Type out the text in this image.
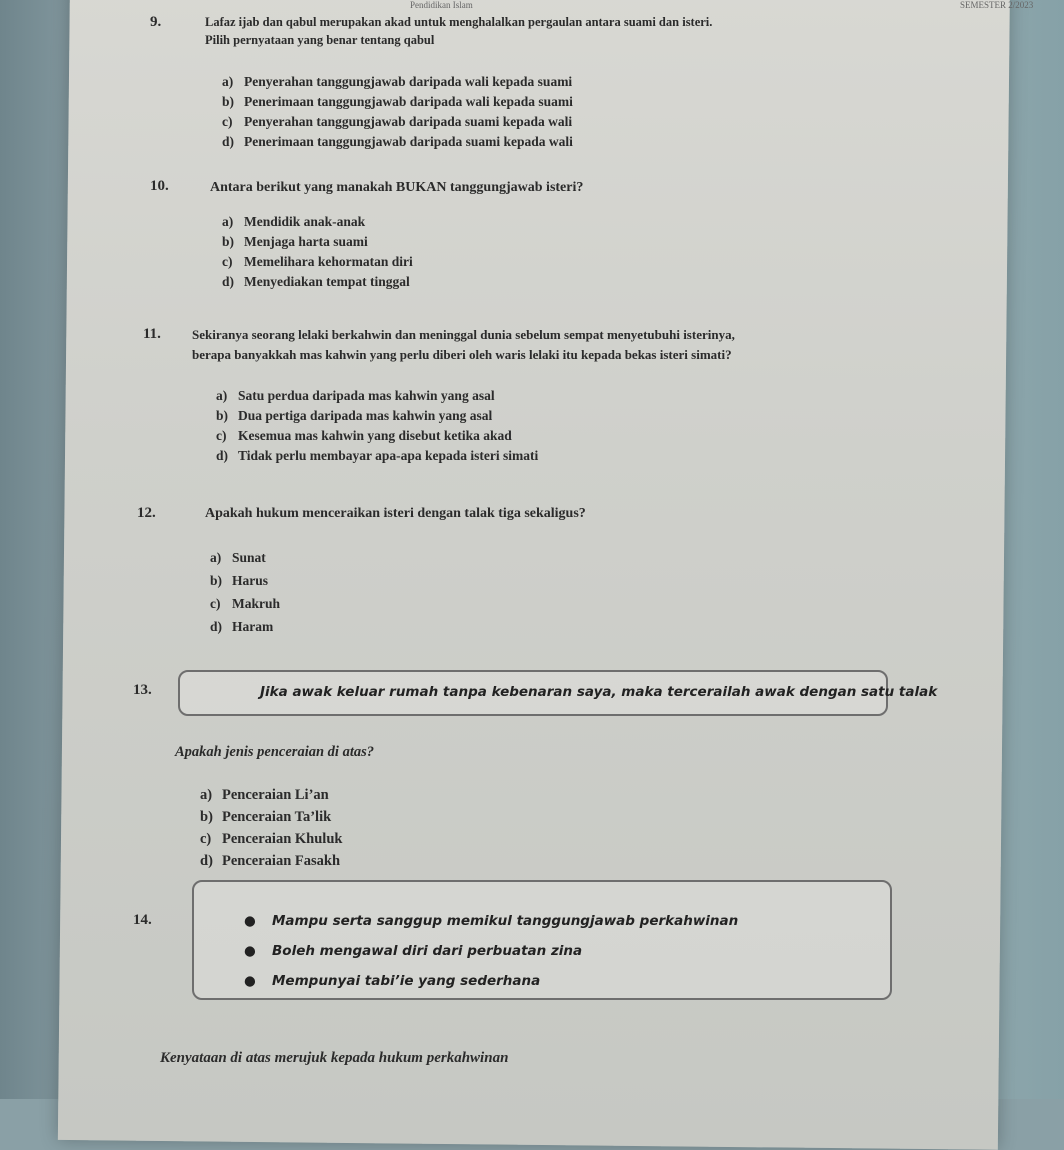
Pendidikan Islam	SEMESTER 2/2023
9.	Lafaz ijab dan qabul merupakan akad untuk menghalalkan pergaulan antara suami dan isteri.
Pilih pernyataan yang benar tentang qabul
a) Penyerahan tanggungjawab daripada wali kepada suami
b) Penerimaan tanggungjawab daripada wali kepada suami
c) Penyerahan tanggungjawab daripada suami kepada wali
d) Penerimaan tanggungjawab daripada suami kepada wali
10.	Antara berikut yang manakah BUKAN tanggungjawab isteri?
a) Mendidik anak-anak
b) Menjaga harta suami
c) Memelihara kehormatan diri
d) Menyediakan tempat tinggal
11. Sekiranya seorang lelaki berkahwin dan meninggal dunia sebelum sempat menyetubuhi isterinya,
berapa banyakkah mas kahwin yang perlu diberi oleh waris lelaki itu kepada bekas isteri simati?
a) Satu perdua daripada mas kahwin yang asal
b) Dua pertiga daripada mas kahwin yang asal
c) Kesemua mas kahwin yang disebut ketika akad
d) Tidak perlu membayar apa-apa kepada isteri simati
12.	Apakah hukum menceraikan isteri dengan talak tiga sekaligus?
a) Sunat
b) Harus
c) Makruh
d) Haram
13.	Jika awak keluar rumah tanpa kebenaran saya, maka tercerailah awak dengan satu talak
Apakah jenis penceraian di atas?
a) Penceraian Li’an
b) Penceraian Ta’lik
c) Penceraian Khuluk
d) Penceraian Fasakh
14.	● Mampu serta sanggup memikul tanggungjawab perkahwinan
● Boleh mengawal diri dari perbuatan zina
● Mempunyai tabi’ie yang sederhana
Kenyataan di atas merujuk kepada hukum perkahwinan
